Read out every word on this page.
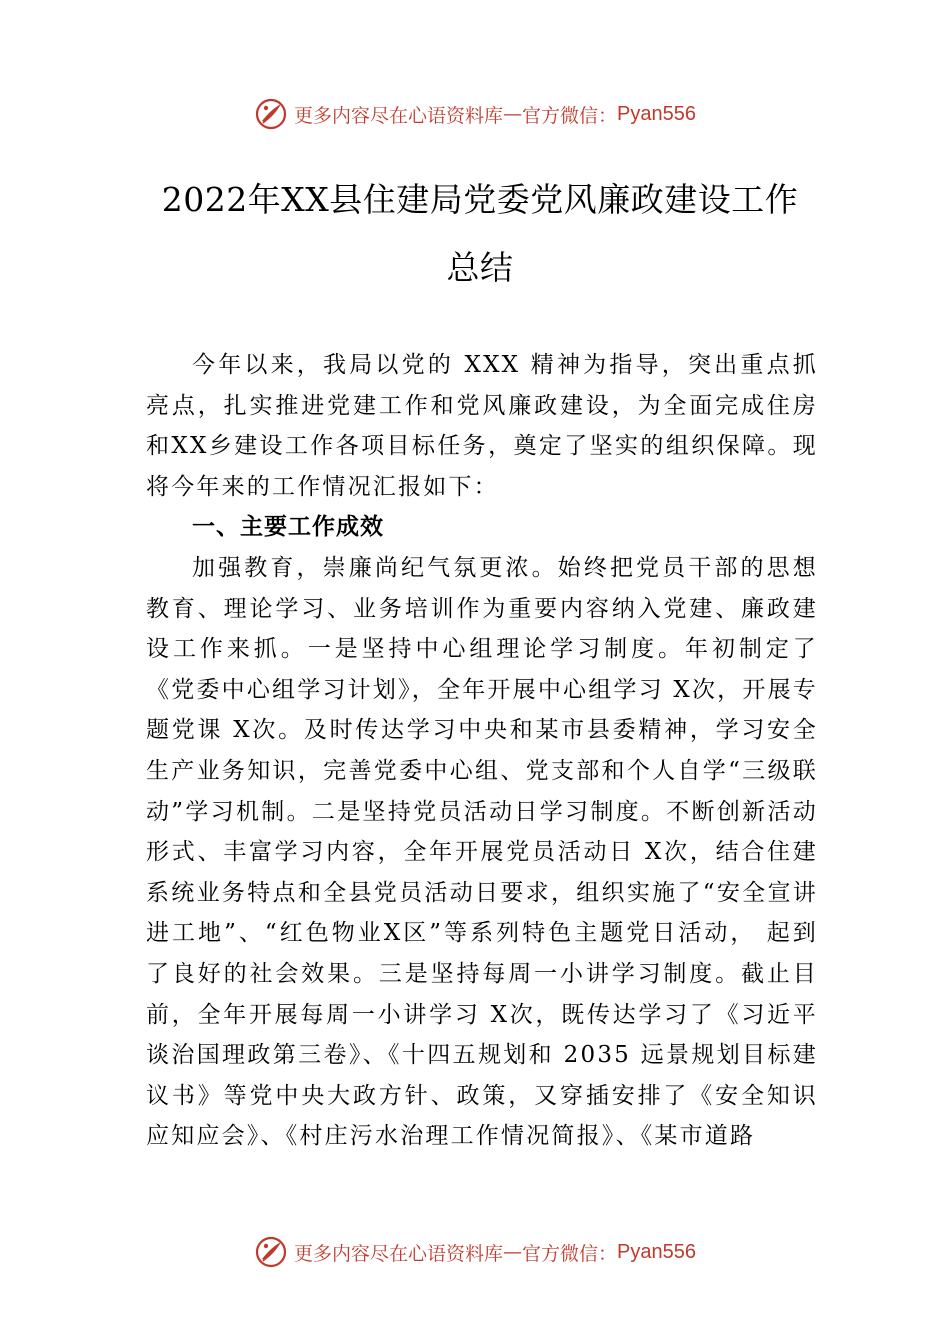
更多内容尽在心语资料库 — 官方微信： Pyan556
2022年XX县住建局党委党风廉政建设工作总结

今年以来，我局以党的 XXX 精神为指导，突出重点抓亮点，扎实推进党建工作和党风廉政建设，为全面完成住房和XX乡建设工作各项目标任务，奠定了坚实的组织保障。现将今年来的工作情况汇报如下：

一、主要工作成效

加强教育，崇廉尚纪气氛更浓。始终把党员干部的思想教育、理论学习、业务培训作为重要内容纳入党建、廉政建设工作来抓。一是坚持中心组理论学习制度。年初制定了《党委中心组学习计划》，全年开展中心组学习 X次，开展专题党课 X次。及时传达学习中央和某市县委精神，学习安全生产业务知识，完善党委中心组、党支部和个人自学“三级联动”学习机制。二是坚持党员活动日学习制度。不断创新活动形式、丰富学习内容，全年开展党员活动日 X次，结合住建系统业务特点和全县党员活动日要求，组织实施了“安全宣讲进工地”、“红色物业X区”等系列特色主题党日活动， 起到了良好的社会效果。三是坚持每周一小讲学习制度。截止目前，全年开展每周一小讲学习 X次，既传达学习了《习近平谈治国理政第三卷》、《十四五规划和 2035 远景规划目标建议书》等党中央大政方针、政策，又穿插安排了《安全知识应知应会》、《村庄污水治理工作情况简报》、《某市道路

更多内容尽在心语资料库 — 官方微信： Pyan556
